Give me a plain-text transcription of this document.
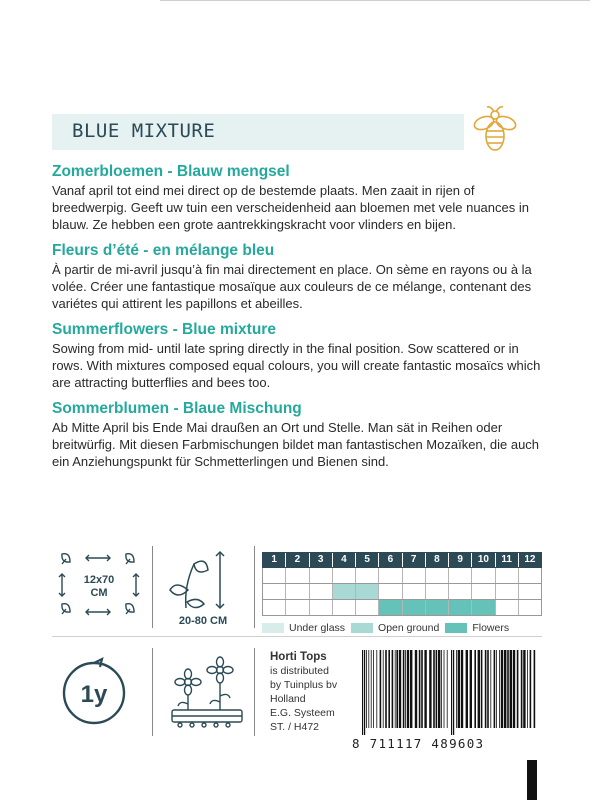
BLUE MIXTURE
Zomerbloemen - Blauw mengsel

Vanaf april tot eind mei direct op de bestemde plaats. Men zaait in rijen of breedwerpig. Geeft uw tuin een verscheidenheid aan bloemen met vele nuances in blauw. Ze hebben een grote aantrekkingskracht voor vlinders en bijen.

Fleurs d’été - en mélange bleu

À partir de mi-avril jusqu’à fin mai directement en place. On sème en rayons ou à la volée. Créer une fantastique mosaïque aux couleurs de ce mélange, contenant des variétes qui attirent les papillons et abeilles.

Summerflowers - Blue mixture

Sowing from mid- until late spring directly in the final position. Sow scattered or in rows. With mixtures composed equal colours, you will create fantastic mosaïcs which are attracting butterflies and bees too.

Sommerblumen - Blaue Mischung

Ab Mitte April bis Ende Mai draußen an Ort und Stelle. Man sät in Reihen oder breitwürfig. Mit diesen Farbmischungen bildet man fantastischen Mozaïken, die auch ein Anziehungspunkt für Schmetterlingen und Bienen sind.

12x70
CM
20-80 CM
1	2	3	4	5	6	7	8	9	10	11	12
Under glass	Open ground	Flowers
1y
Horti Tops
is distributed
by Tuinplus bv
Holland
E.G. Systeem
ST. / H472
8 711117 489603
